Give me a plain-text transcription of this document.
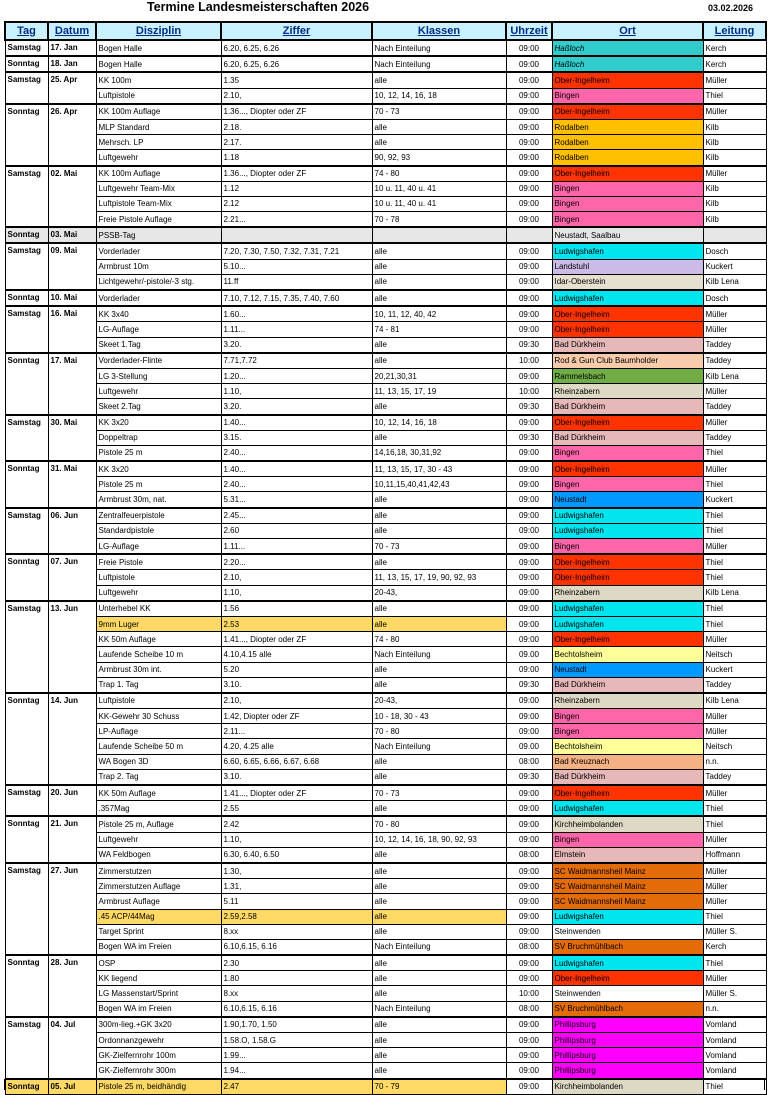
Termine Landesmeisterschaften 2026	03.02.2026
Tag	Datum	Disziplin	Ziffer	Klassen	Uhrzeit	Ort	Leitung
Samstag	17. Jan	Bogen Halle	6.20, 6.25, 6.26	Nach Einteilung	09:00	Haßloch	Kerch
Sonntag	18. Jan	Bogen Halle	6.20, 6.25, 6.26	Nach Einteilung	09:00	Haßloch	Kerch
Samstag	25. Apr	KK 100m	1.35	alle	09:00	Ober-Ingelheim	Müller
		Luftpistole	2.10,	10, 12, 14, 16, 18	09:00	Bingen	Thiel
Sonntag	26. Apr	KK 100m Auflage	1.36..., Diopter oder ZF	70 - 73	09:00	Ober-Ingelheim	Müller
		MLP Standard	2.18.	alle	09:00	Rodalben	Kilb
		Mehrsch. LP	2.17.	alle	09:00	Rodalben	Kilb
		Luftgewehr	1.18	90, 92, 93	09:00	Rodalben	Kilb
Samstag	02. Mai	KK 100m Auflage	1.36..., Diopter oder ZF	74 - 80	09:00	Ober-Ingelheim	Müller
		Luftgewehr Team-Mix	1.12	10 u. 11, 40 u. 41	09:00	Bingen	Kilb
		Luftpistole Team-Mix	2.12	10 u. 11, 40 u. 41	09:00	Bingen	Kilb
		Freie Pistole Auflage	2.21...	70 - 78	09:00	Bingen	Kilb
Sonntag	03. Mai	PSSB-Tag				Neustadt, Saalbau	
Samstag	09. Mai	Vorderlader	7.20, 7.30, 7.50, 7.32, 7.31, 7.21	alle	09:00	Ludwigshafen	Dosch
		Armbrust 10m	5.10...	alle	09:00	Landstuhl	Kuckert
		Lichtgewehr/-pistole/-3 stg.	11.ff	alle	09:00	Idar-Oberstein	Kilb Lena
Sonntag	10. Mai	Vorderlader	7.10, 7.12, 7.15, 7.35, 7.40, 7.60	alle	09:00	Ludwigshafen	Dosch
Samstag	16. Mai	KK 3x40	1.60...	10, 11, 12, 40, 42	09:00	Ober-Ingelheim	Müller
		LG-Auflage	1.11...	74 - 81	09:00	Ober-Ingelheim	Müller
		Skeet 1.Tag	3.20.	alle	09:30	Bad Dürkheim	Taddey
Sonntag	17. Mai	Vorderlader-Flinte	7.71,7.72	alle	10:00	Rod & Gun Club Baumholder	Taddey
		LG 3-Stellung	1.20...	20,21,30,31	09:00	Rammelsbach	Kilb Lena
		Luftgewehr	1.10,	11, 13, 15, 17, 19	10:00	Rheinzabern	Müller
		Skeet 2.Tag	3.20.	alle	09:30	Bad Dürkheim	Taddey
Samstag	30. Mai	KK 3x20	1.40...	10, 12, 14, 16, 18	09:00	Ober-Ingelheim	Müller
		Doppeltrap	3.15.	alle	09:30	Bad Dürkheim	Taddey
		Pistole 25 m	2.40...	14,16,18, 30,31,92	09:00	Bingen	Thiel
Sonntag	31. Mai	KK 3x20	1.40...	11, 13, 15, 17, 30 - 43	09:00	Ober-Ingelheim	Müller
		Pistole 25 m	2.40...	10,11,15,40,41,42,43	09:00	Bingen	Thiel
		Armbrust 30m, nat.	5.31...	alle	09:00	Neustadt	Kuckert
Samstag	06. Jun	Zentralfeuerpistole	2.45...	alle	09:00	Ludwigshafen	Thiel
		Standardpistole	2.60	alle	09:00	Ludwigshafen	Thiel
		LG-Auflage	1.11...	70 - 73	09:00	Bingen	Müller
Sonntag	07. Jun	Freie Pistole	2.20...	alle	09:00	Ober-Ingelheim	Thiel
		Luftpistole	2.10,	11, 13, 15, 17, 19, 90, 92, 93	09:00	Ober-Ingelheim	Thiel
		Luftgewehr	1.10,	20-43,	09:00	Rheinzabern	Kilb Lena
Samstag	13. Jun	Unterhebel KK	1.56	alle	09:00	Ludwigshafen	Thiel
		9mm Luger	2.53	alle	09:00	Ludwigshafen	Thiel
		KK 50m Auflage	1.41..., Diopter oder ZF	74 - 80	09:00	Ober-Ingelheim	Müller
		Laufende Scheibe 10 m	4.10,4.15 alle	Nach Einteilung	09.00	Bechtolsheim	Neitsch
		Armbrust 30m int.	5.20	alle	09:00	Neustadt	Kuckert
		Trap 1. Tag	3.10.	alle	09:30	Bad Dürkheim	Taddey
Sonntag	14. Jun	Luftpistole	2.10,	20-43,	09:00	Rheinzabern	Kilb Lena
		KK-Gewehr 30 Schuss	1.42, Diopter oder ZF	10 - 18, 30 - 43	09:00	Bingen	Müller
		LP-Auflage	2.11...	70 - 80	09:00	Bingen	Müller
		Laufende Scheibe 50 m	4.20, 4.25 alle	Nach Einteilung	09.00	Bechtolsheim	Neitsch
		WA Bogen 3D	6.60, 6.65, 6.66, 6.67, 6.68	alle	08:00	Bad Kreuznach	n.n.
		Trap 2. Tag	3.10.	alle	09:30	Bad Dürkheim	Taddey
Samstag	20. Jun	KK 50m Auflage	1.41..., Diopter oder ZF	70 - 73	09:00	Ober-Ingelheim	Müller
		.357Mag	2.55	alle	09:00	Ludwigshafen	Thiel
Sonntag	21. Jun	Pistole 25 m, Auflage	2.42	70 - 80	09:00	Kirchheimbolanden	Thiel
		Luftgewehr	1.10,	10, 12, 14, 16, 18, 90, 92, 93	09:00	Bingen	Müller
		WA Feldbogen	6.30, 6.40, 6.50	alle	08:00	Elmstein	Hoffmann
Samstag	27. Jun	Zimmerstutzen	1.30,	alle	09:00	SC Waidmannsheil Mainz	Müller
		Zimmerstutzen Auflage	1.31,	alle	09:00	SC Waidmannsheil Mainz	Müller
		Armbrust Auflage	5.11	alle	09:00	SC Waidmannsheil Mainz	Müller
		.45 ACP/44Mag	2.59,2.58	alle	09:00	Ludwigshafen	Thiel
		Target Sprint	8.xx	alle	09:00	Steinwenden	Müller S.
		Bogen WA im Freien	6.10,6.15, 6.16	Nach Einteilung	08:00	SV Bruchmühlbach	Kerch
Sonntag	28. Jun	OSP	2.30	alle	09:00	Ludwigshafen	Thiel
		KK liegend	1.80	alle	09:00	Ober-Ingelheim	Müller
		LG Massenstart/Sprint	8.xx	alle	10:00	Steinwenden	Müller S.
		Bogen WA im Freien	6.10,6.15, 6.16	Nach Einteilung	08:00	SV Bruchmühlbach	n.n.
Samstag	04. Jul	300m-lieg.+GK 3x20	1.90,1.70, 1.50	alle	09:00	Phillipsburg	Vomland
		Ordonnanzgewehr	1.58.O, 1.58.G	alle	09:00	Phillipsburg	Vomland
		GK-Zielfernrohr 100m	1.99...	alle	09:00	Phillipsburg	Vomland
		GK-Zielfernrohr 300m	1.94...	alle	09:00	Phillipsburg	Vomland
Sonntag	05. Jul	Pistole 25 m, beidhändig	2.47	70 - 79	09:00	Kirchheimbolanden	Thiel
